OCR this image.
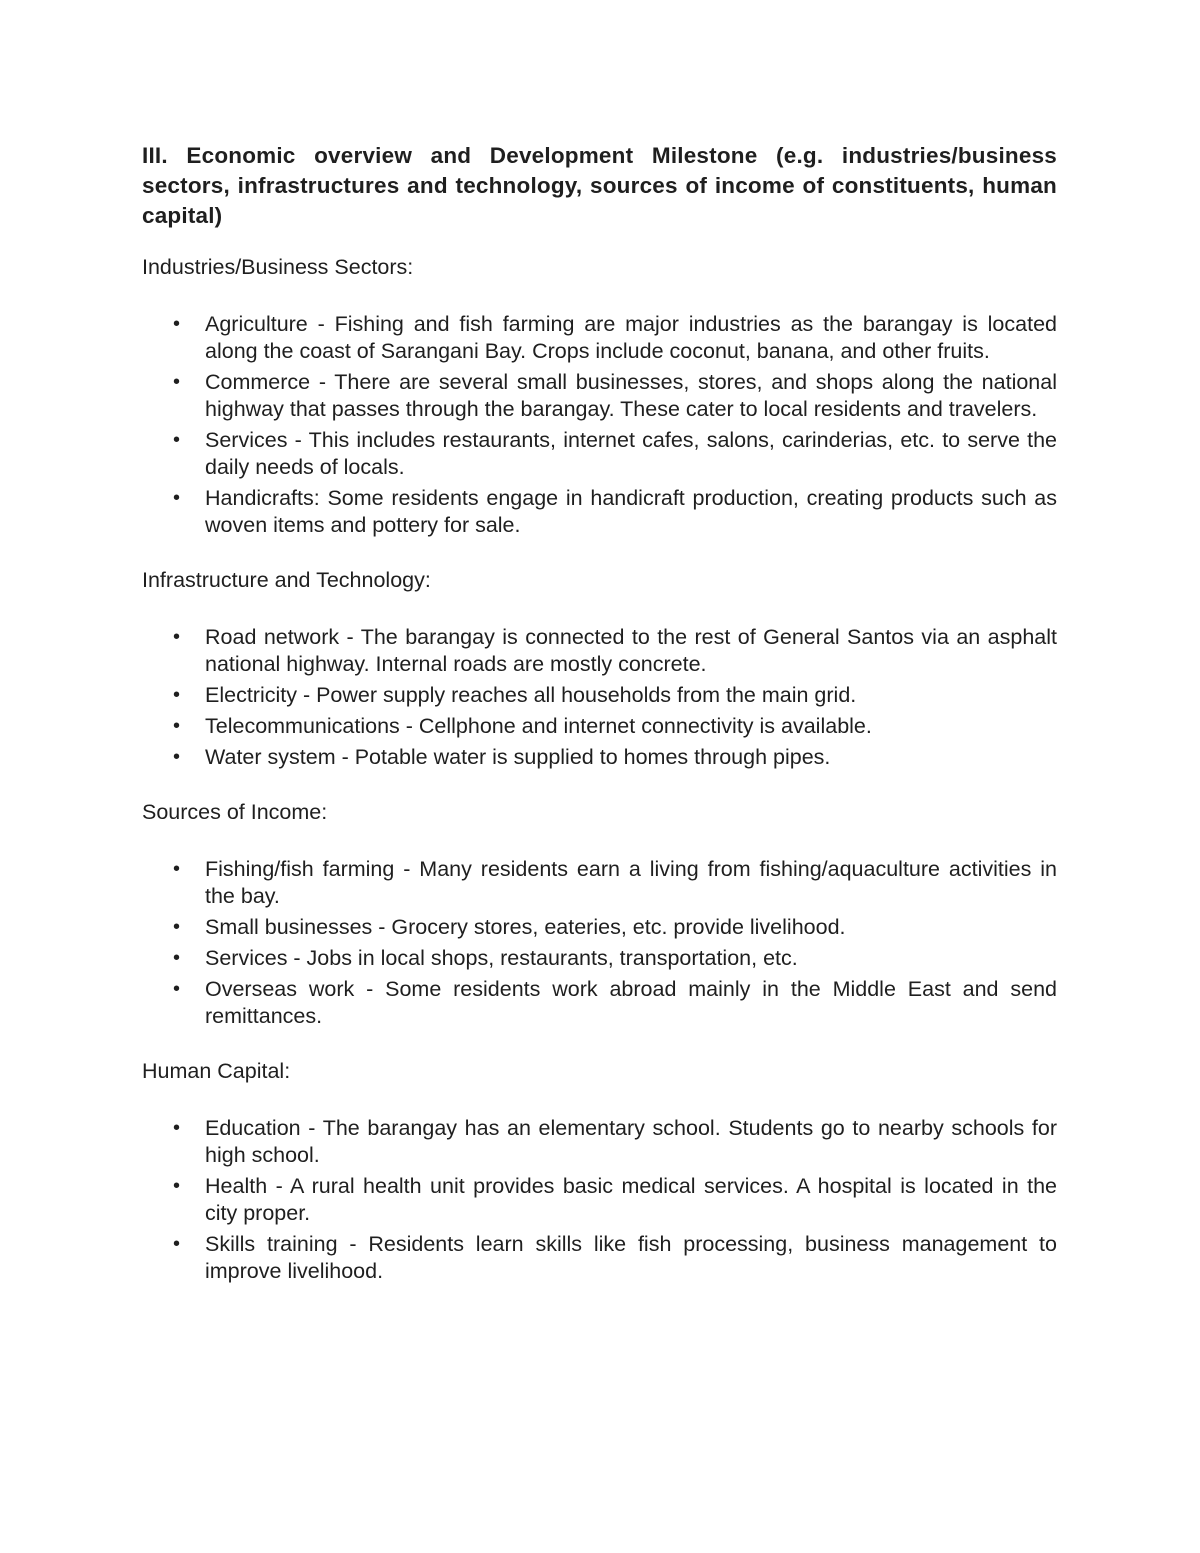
III. Economic overview and Development Milestone (e.g. industries/business sectors, infrastructures and technology, sources of income of constituents, human capital)
Industries/Business Sectors:
•	Agriculture - Fishing and fish farming are major industries as the barangay is located along the coast of Sarangani Bay. Crops include coconut, banana, and other fruits.
•	Commerce - There are several small businesses, stores, and shops along the national highway that passes through the barangay. These cater to local residents and travelers.
•	Services - This includes restaurants, internet cafes, salons, carinderias, etc. to serve the daily needs of locals.
•	Handicrafts: Some residents engage in handicraft production, creating products such as woven items and pottery for sale.
Infrastructure and Technology:
•	Road network - The barangay is connected to the rest of General Santos via an asphalt national highway. Internal roads are mostly concrete.
•	Electricity - Power supply reaches all households from the main grid.
•	Telecommunications - Cellphone and internet connectivity is available.
•	Water system - Potable water is supplied to homes through pipes.
Sources of Income:
•	Fishing/fish farming - Many residents earn a living from fishing/aquaculture activities in the bay.
•	Small businesses - Grocery stores, eateries, etc. provide livelihood.
•	Services - Jobs in local shops, restaurants, transportation, etc.
•	Overseas work - Some residents work abroad mainly in the Middle East and send remittances.
Human Capital:
•	Education - The barangay has an elementary school. Students go to nearby schools for high school.
•	Health - A rural health unit provides basic medical services. A hospital is located in the city proper.
•	Skills training - Residents learn skills like fish processing, business management to improve livelihood.
